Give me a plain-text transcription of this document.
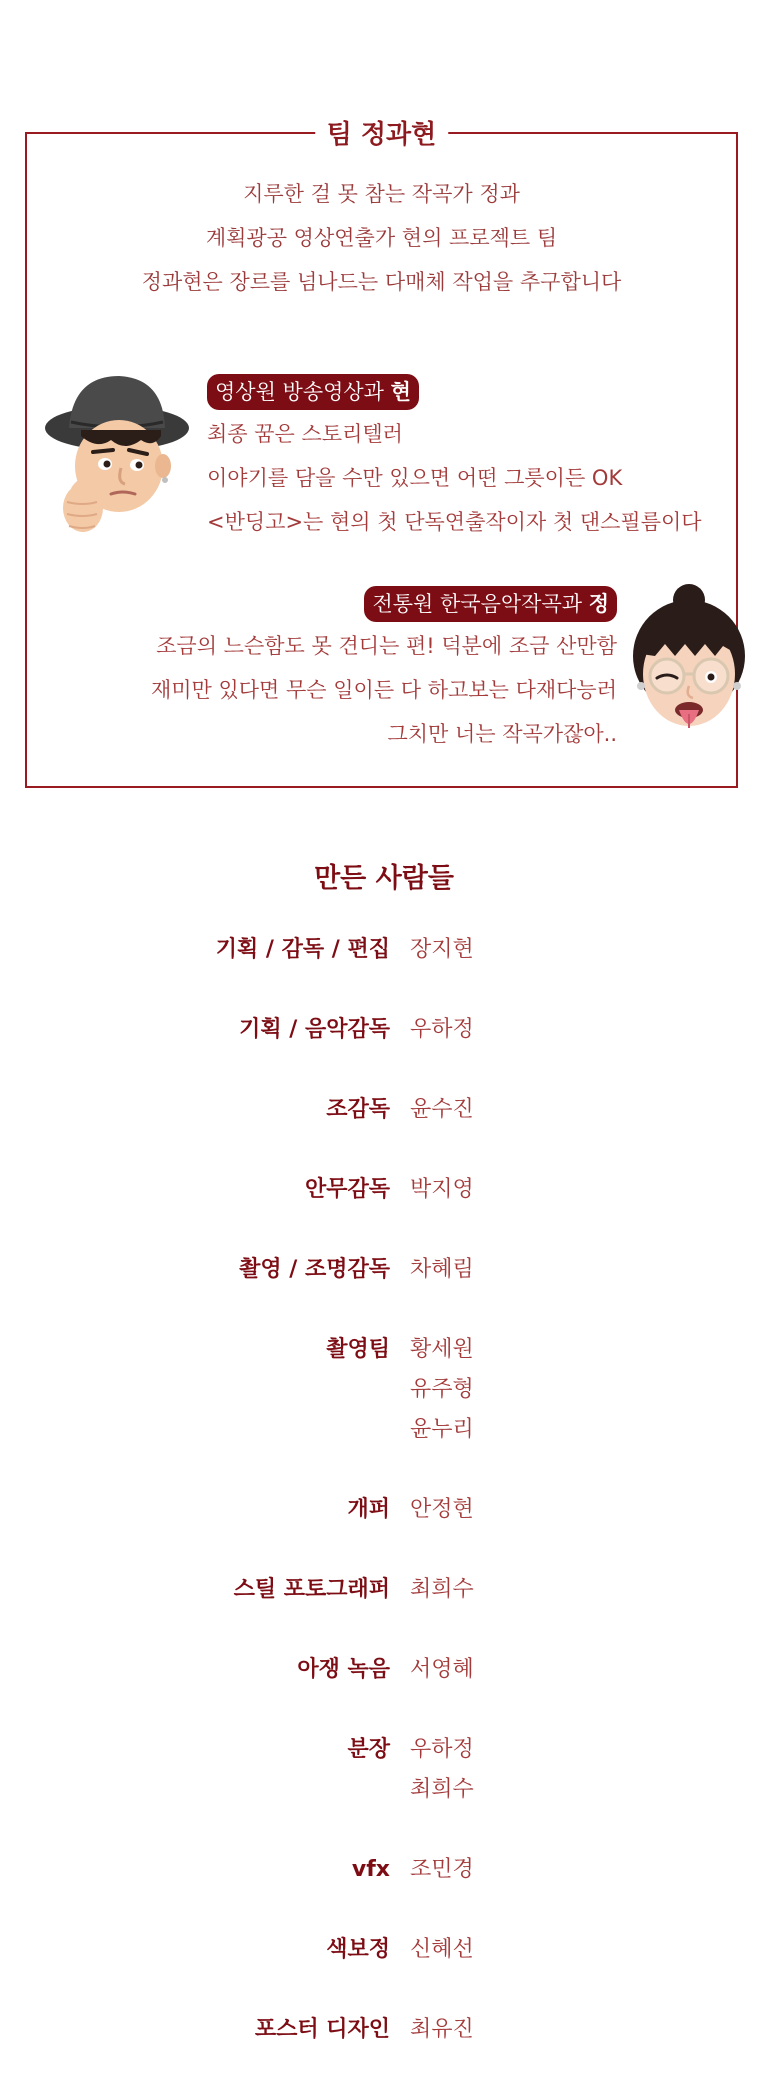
팀 정과현
지루한 걸 못 참는 작곡가 정과
계획광공 영상연출가 현의 프로젝트 팀
정과현은 장르를 넘나드는 다매체 작업을 추구합니다
영상원 방송영상과 현
최종 꿈은 스토리텔러
이야기를 담을 수만 있으면 어떤 그릇이든 OK
<반딩고>는 현의 첫 단독연출작이자 첫 댄스필름이다
전통원 한국음악작곡과 정
조금의 느슨함도 못 견디는 편! 덕분에 조금 산만함
재미만 있다면 무슨 일이든 다 하고보는 다재다능러
그치만 너는 작곡가잖아..
만든 사람들
기획 / 감독 / 편집 장지현
기획 / 음악감독 우하정
조감독 윤수진
안무감독 박지영
촬영 / 조명감독 차혜림
촬영팀 황세원
유주형
윤누리
개퍼 안정현
스틸 포토그래퍼 최희수
아쟁 녹음 서영혜
분장 우하정
최희수
vfx 조민경
색보정 신혜선
포스터 디자인 최유진
